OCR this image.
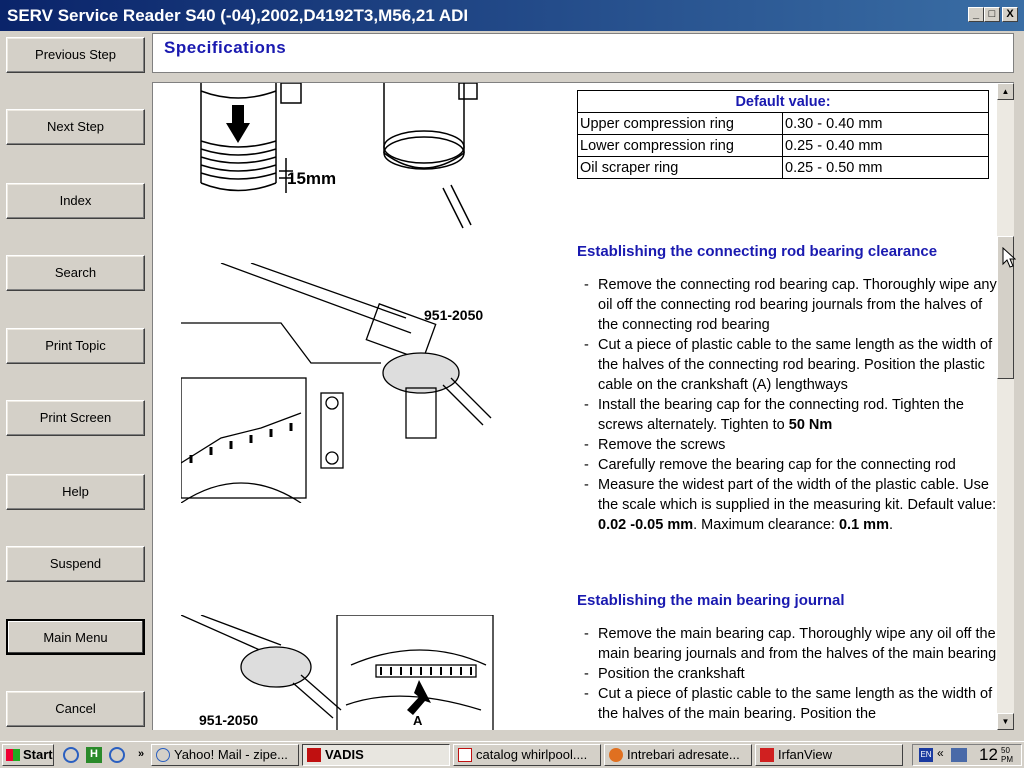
SERV Service Reader S40 (-04),2002,D4192T3,M56,21 ADI	_ □	X
Previous Step
Next Step
Index
Search
Print Topic
Print Screen
Help
Suspend
Main Menu
Cancel
Specifications
15mm
951-2050
A
951-2050
Default value:	
Upper compression ring	0.30 - 0.40 mm
Lower compression ring	0.25 - 0.40 mm
Oil scraper ring	0.25 - 0.50 mm
Establishing the connecting rod bearing clearance
- Remove the connecting rod bearing cap. Thoroughly wipe any oil off the connecting rod bearing journals from the halves of the connecting rod bearing
- Cut a piece of plastic cable to the same length as the width of the halves of the connecting rod bearing. Position the plastic cable on the crankshaft (A) lengthways
- Install the bearing cap for the connecting rod. Tighten the screws alternately. Tighten to 50 Nm
- Remove the screws
- Carefully remove the bearing cap for the connecting rod
- Measure the widest part of the width of the plastic cable. Use the scale which is supplied in the measuring kit. Default value: 0.02 -0.05 mm. Maximum clearance: 0.1 mm.
Establishing the main bearing journal
- Remove the main bearing cap. Thoroughly wipe any oil off the main bearing journals and from the halves of the main bearing
- Position the crankshaft
- Cut a piece of plastic cable to the same length as the width of the halves of the main bearing. Position the
▲
▼
Start	H	»	Yahoo! Mail - zipe...	VADIS	catalog whirlpool....	Intrebari adresate...	IrfanView	EN « 12 50 PM
